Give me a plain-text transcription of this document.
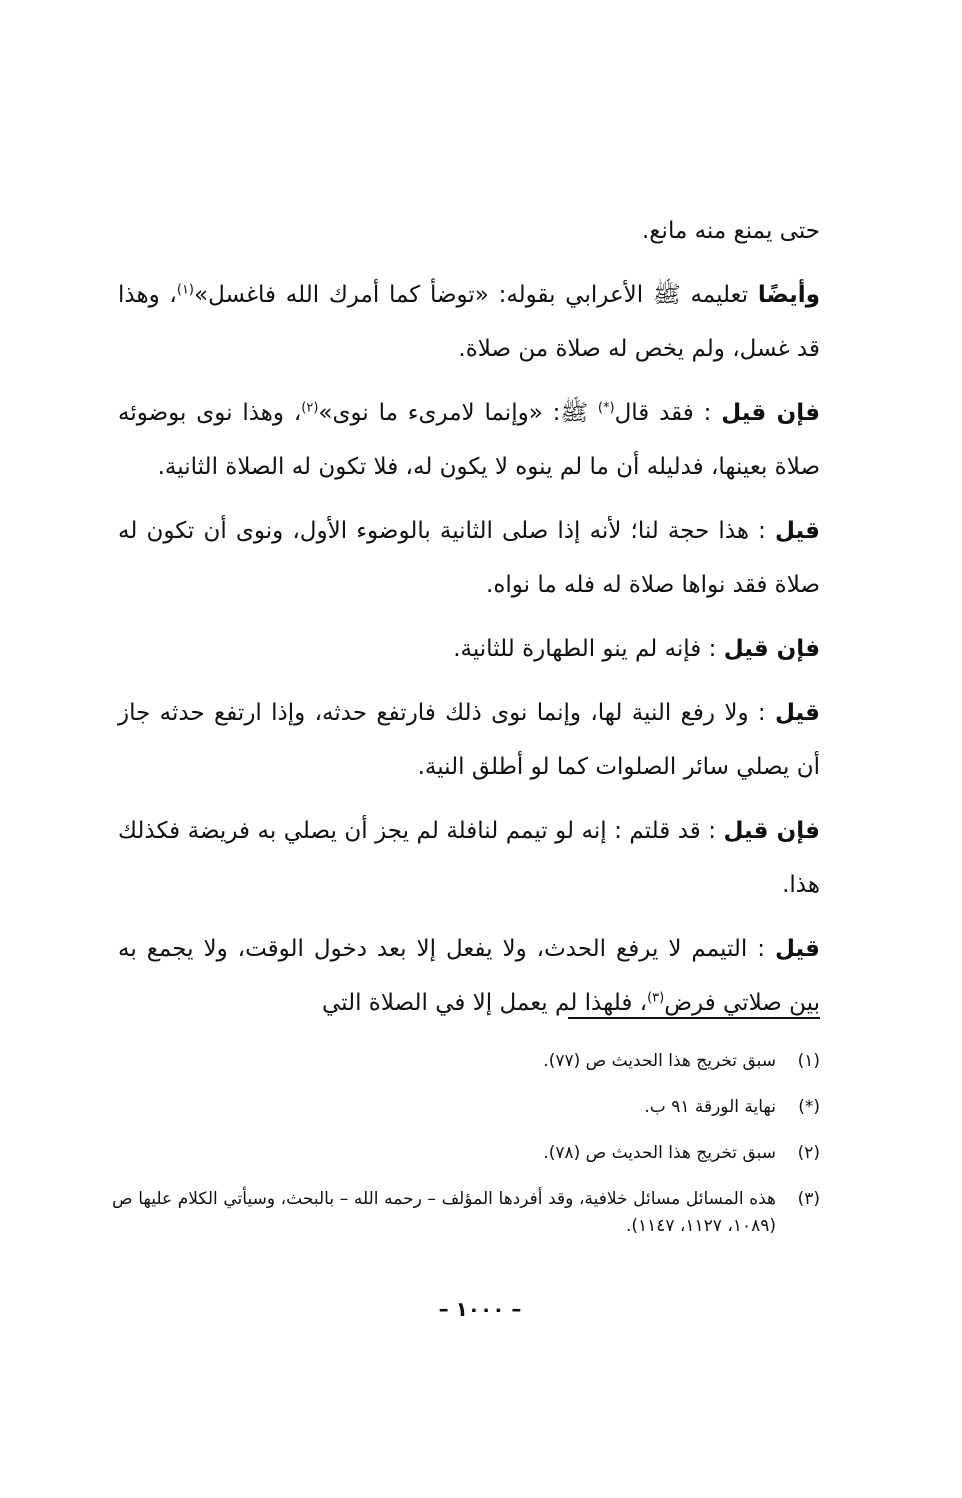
حتى يمنع منه مانع.

وأيضًا تعليمه ﷺ الأعرابي بقوله: «توضأ كما أمرك الله فاغسل»$^{(١)}$، وهذا قد غسل، ولم يخص له صلاة من صلاة.

فإن قيل : فقد قال(*) ﷺ: «وإنما لامرىء ما نوى»$^{(٢)}$، وهذا نوى بوضوئه صلاة بعينها، فدليله أن ما لم ينوه لا يكون له، فلا تكون له الصلاة الثانية.

قيل : هذا حجة لنا؛ لأنه إذا صلى الثانية بالوضوء الأول، ونوى أن تكون له صلاة فقد نواها صلاة له فله ما نواه.

فإن قيل : فإنه لم ينو الطهارة للثانية.

قيل : ولا رفع النية لها، وإنما نوى ذلك فارتفع حدثه، وإذا ارتفع حدثه جاز أن يصلي سائر الصلوات كما لو أطلق النية.

فإن قيل : قد قلتم : إنه لو تيمم لنافلة لم يجز أن يصلي به فريضة فكذلك هذا.

قيل : التيمم لا يرفع الحدث، ولا يفعل إلا بعد دخول الوقت، ولا يجمع به بين صلاتي فرض$^{(٣)}$، فلهذا لم يعمل إلا في الصلاة التي

(١)
سبق تخريج هذا الحديث ص (٧٧).
(*)
نهاية الورقة ٩١ ب.
(٢)
سبق تخريج هذا الحديث ص (٧٨).
(٣)
هذه المسائل مسائل خلافية، وقد أفردها المؤلف – رحمه الله – بالبحث، وسيأتي الكلام عليها ص (١٠٨٩، ١١٢٧، ١١٤٧).
– ١٠٠٠ –
